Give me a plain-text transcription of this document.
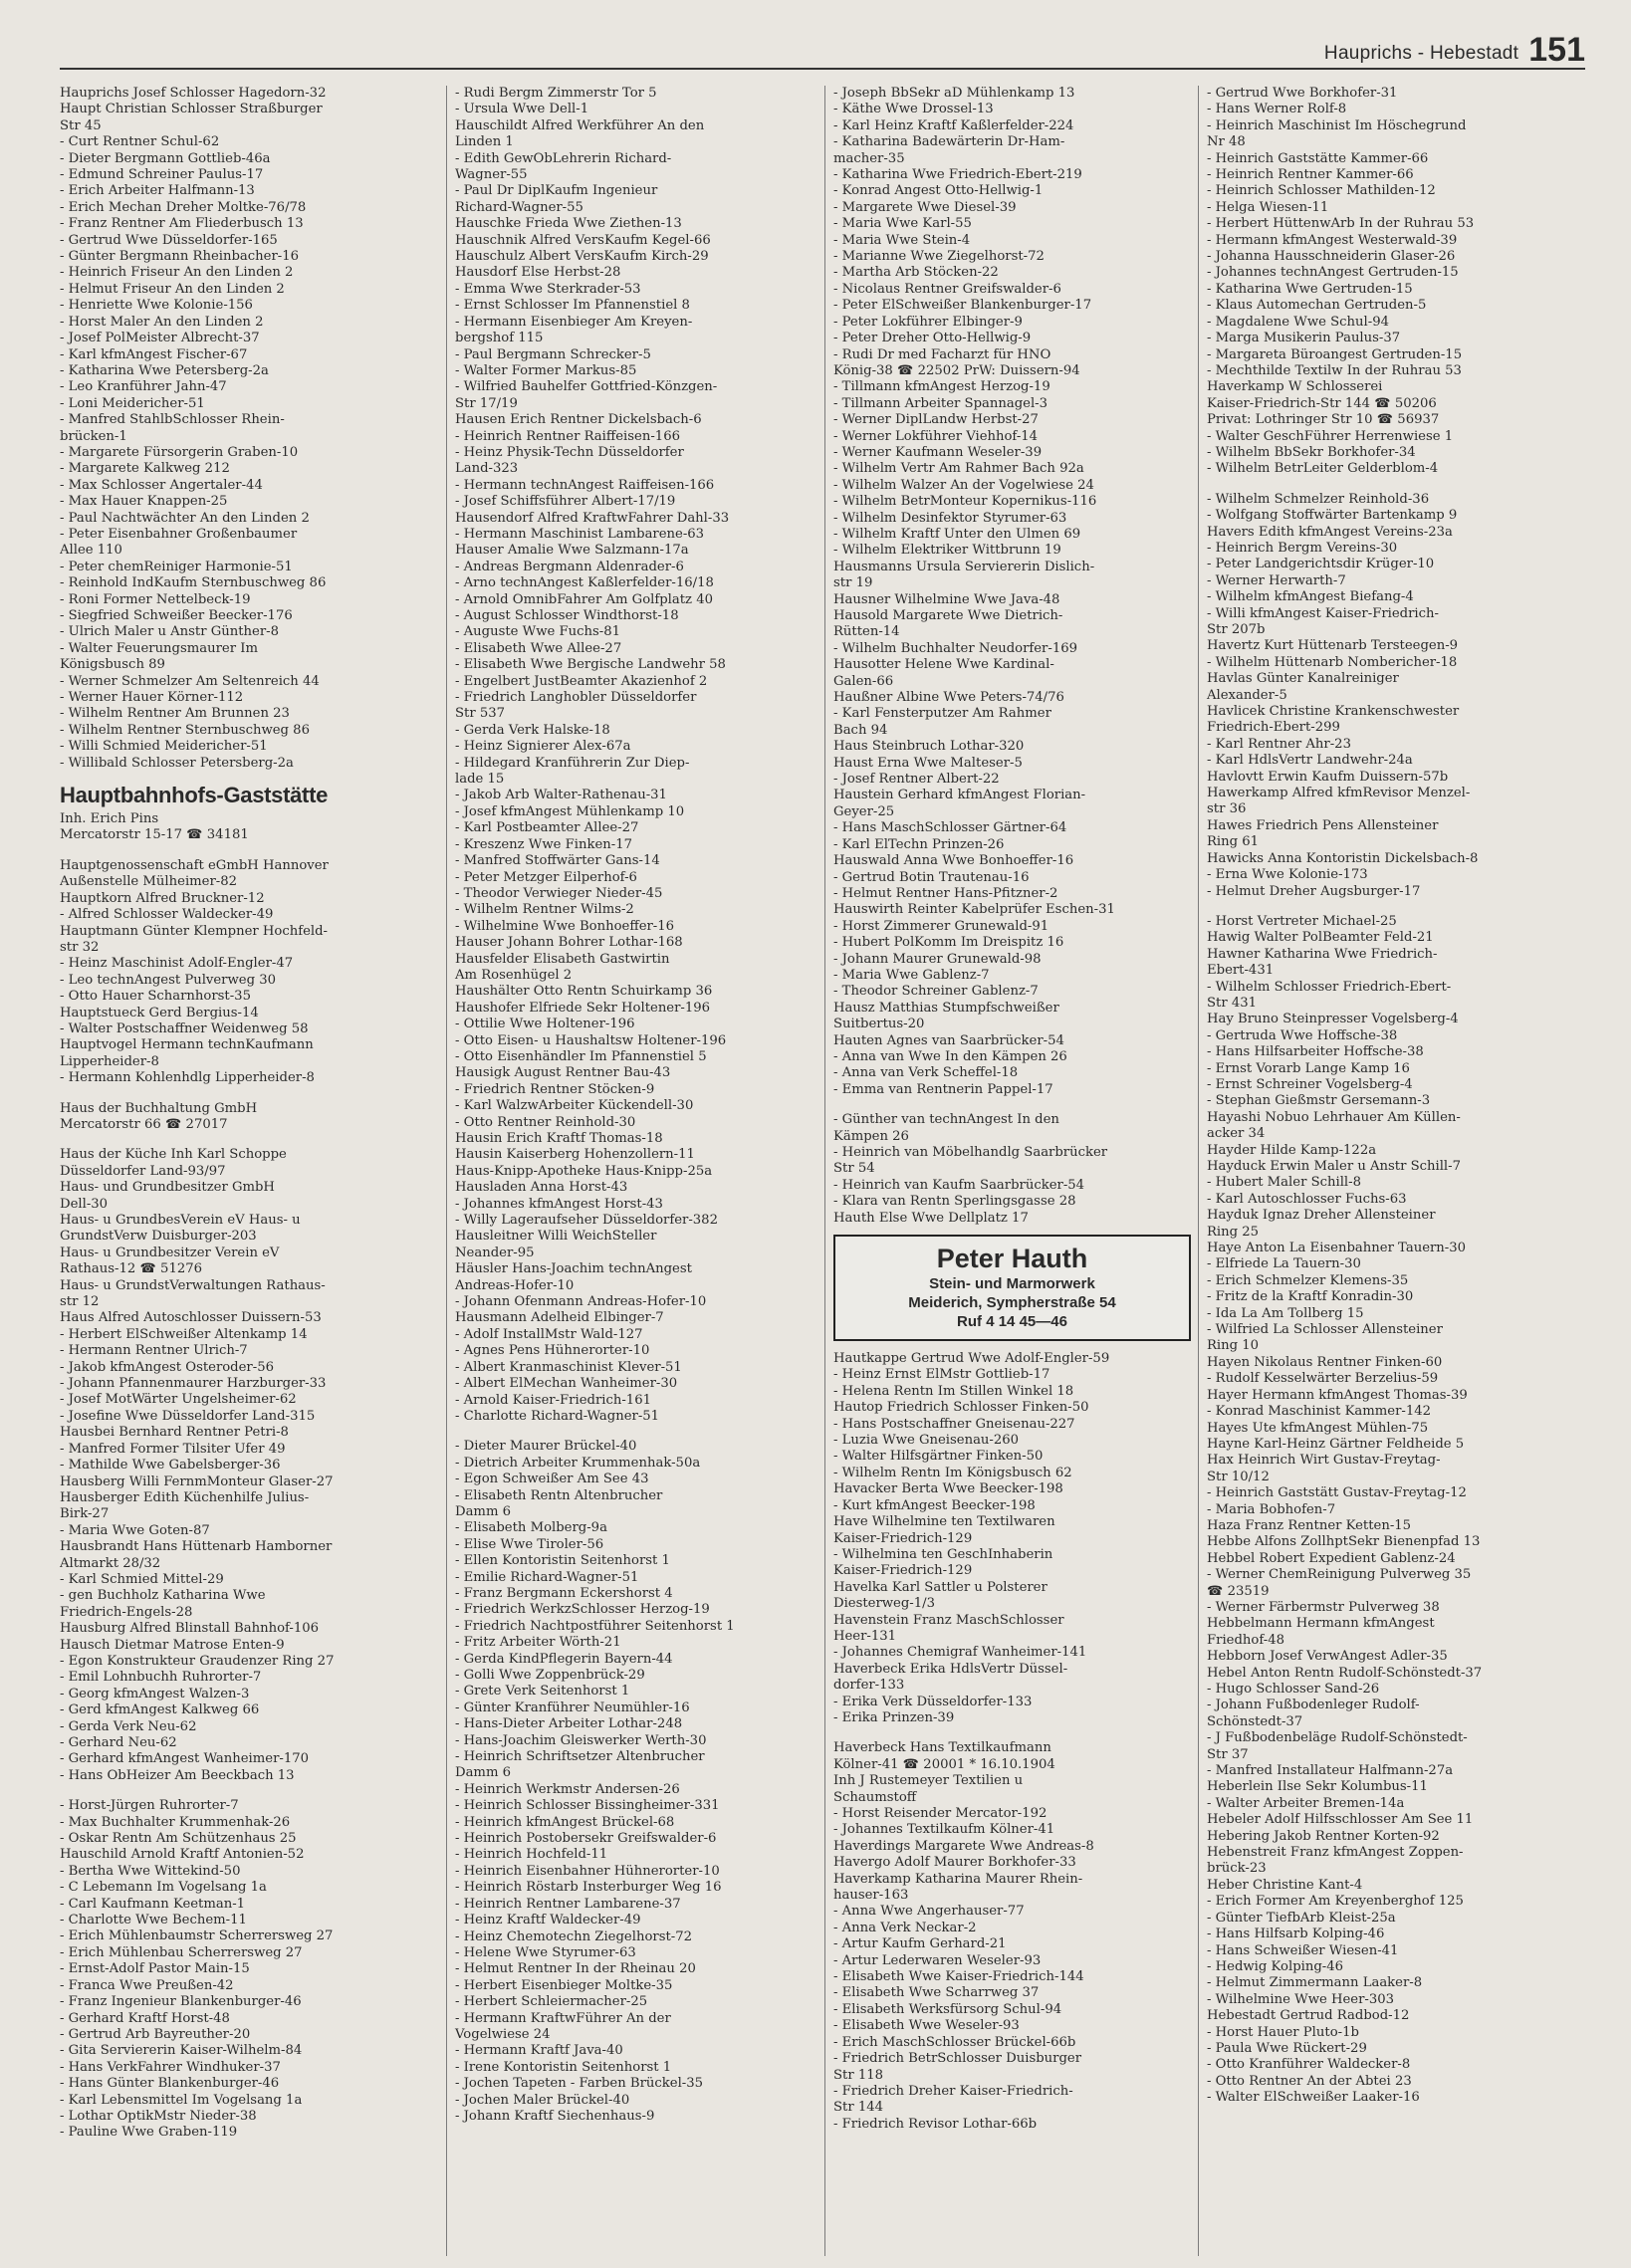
Hauprichs - Hebestadt 151
Hauprichs Josef Schlosser Hagedorn-32
Haupt Christian Schlosser Straßburger
Str 45
- Curt Rentner Schul-62
- Dieter Bergmann Gottlieb-46a
- Edmund Schreiner Paulus-17
- Erich Arbeiter Halfmann-13
- Erich Mechan Dreher Moltke-76/78
- Franz Rentner Am Fliederbusch 13
- Gertrud Wwe Düsseldorfer-165
- Günter Bergmann Rheinbacher-16
- Heinrich Friseur An den Linden 2
- Helmut Friseur An den Linden 2
- Henriette Wwe Kolonie-156
- Horst Maler An den Linden 2
- Josef PolMeister Albrecht-37
- Karl kfmAngest Fischer-67
- Katharina Wwe Petersberg-2a
- Leo Kranführer Jahn-47
- Loni Meidericher-51
- Manfred StahlbSchlosser Rhein-
brücken-1
- Margarete Fürsorgerin Graben-10
- Margarete Kalkweg 212
- Max Schlosser Angertaler-44
- Max Hauer Knappen-25
- Paul Nachtwächter An den Linden 2
- Peter Eisenbahner Großenbaumer
Allee 110
- Peter chemReiniger Harmonie-51
- Reinhold IndKaufm Sternbuschweg 86
- Roni Former Nettelbeck-19
- Siegfried Schweißer Beecker-176
- Ulrich Maler u Anstr Günther-8
- Walter Feuerungsmaurer Im
Königsbusch 89
- Werner Schmelzer Am Seltenreich 44
- Werner Hauer Körner-112
- Wilhelm Rentner Am Brunnen 23
- Wilhelm Rentner Sternbuschweg 86
- Willi Schmied Meidericher-51
- Willibald Schlosser Petersberg-2a
Hauptbahnhofs-Gaststätte
Inh. Erich Pins
Mercatorstr 15-17 ☎ 34181
Hauptgenossenschaft eGmbH Hannover
Außenstelle Mülheimer-82
Hauptkorn Alfred Bruckner-12
- Alfred Schlosser Waldecker-49
Hauptmann Günter Klempner Hochfeld-
str 32
- Heinz Maschinist Adolf-Engler-47
- Leo technAngest Pulverweg 30
- Otto Hauer Scharnhorst-35
Hauptstueck Gerd Bergius-14
- Walter Postschaffner Weidenweg 58
Hauptvogel Hermann technKaufmann
Lipperheider-8
- Hermann Kohlenhdlg Lipperheider-8
Haus der Buchhaltung GmbH
Mercatorstr 66 ☎ 27017
Haus der Küche Inh Karl Schoppe
Düsseldorfer Land-93/97
Haus- und Grundbesitzer GmbH
Dell-30
Haus- u GrundbesVerein eV Haus- u
GrundstVerw Duisburger-203
Haus- u Grundbesitzer Verein eV
Rathaus-12 ☎ 51276
Haus- u GrundstVerwaltungen Rathaus-
str 12
Haus Alfred Autoschlosser Duissern-53
- Herbert ElSchweißer Altenkamp 14
- Hermann Rentner Ulrich-7
- Jakob kfmAngest Osteroder-56
- Johann Pfannenmaurer Harzburger-33
- Josef MotWärter Ungelsheimer-62
- Josefine Wwe Düsseldorfer Land-315
Hausbei Bernhard Rentner Petri-8
- Manfred Former Tilsiter Ufer 49
- Mathilde Wwe Gabelsberger-36
Hausberg Willi FernmMonteur Glaser-27
Hausberger Edith Küchenhilfe Julius-
Birk-27
- Maria Wwe Goten-87
Hausbrandt Hans Hüttenarb Hamborner
Altmarkt 28/32
- Karl Schmied Mittel-29
- gen Buchholz Katharina Wwe
Friedrich-Engels-28
Hausburg Alfred Blinstall Bahnhof-106
Hausch Dietmar Matrose Enten-9
- Egon Konstrukteur Graudenzer Ring 27
- Emil Lohnbuchh Ruhrorter-7
- Georg kfmAngest Walzen-3
- Gerd kfmAngest Kalkweg 66
- Gerda Verk Neu-62
- Gerhard Neu-62
- Gerhard kfmAngest Wanheimer-170
- Hans ObHeizer Am Beeckbach 13
- Horst-Jürgen Ruhrorter-7
- Max Buchhalter Krummenhak-26
- Oskar Rentn Am Schützenhaus 25
Hauschild Arnold Kraftf Antonien-52
- Bertha Wwe Wittekind-50
- C Lebemann Im Vogelsang 1a
- Carl Kaufmann Keetman-1
- Charlotte Wwe Bechem-11
- Erich Mühlenbaumstr Scherrersweg 27
- Erich Mühlenbau Scherrersweg 27
- Ernst-Adolf Pastor Main-15
- Franca Wwe Preußen-42
- Franz Ingenieur Blankenburger-46
- Gerhard Kraftf Horst-48
- Gertrud Arb Bayreuther-20
- Gita Serviererin Kaiser-Wilhelm-84
- Hans VerkFahrer Windhuker-37
- Hans Günter Blankenburger-46
- Karl Lebensmittel Im Vogelsang 1a
- Lothar OptikMstr Nieder-38
- Pauline Wwe Graben-119
- Rudi Bergm Zimmerstr Tor 5
- Ursula Wwe Dell-1
Hauschildt Alfred Werkführer An den
Linden 1
- Edith GewObLehrerin Richard-
Wagner-55
- Paul Dr DiplKaufm Ingenieur
Richard-Wagner-55
Hauschke Frieda Wwe Ziethen-13
Hauschnik Alfred VersKaufm Kegel-66
Hauschulz Albert VersKaufm Kirch-29
Hausdorf Else Herbst-28
- Emma Wwe Sterkrader-53
- Ernst Schlosser Im Pfannenstiel 8
- Hermann Eisenbieger Am Kreyen-
bergshof 115
- Paul Bergmann Schrecker-5
- Walter Former Markus-85
- Wilfried Bauhelfer Gottfried-Könzgen-
Str 17/19
Hausen Erich Rentner Dickelsbach-6
- Heinrich Rentner Raiffeisen-166
- Heinz Physik-Techn Düsseldorfer
Land-323
- Hermann technAngest Raiffeisen-166
- Josef Schiffsführer Albert-17/19
Hausendorf Alfred KraftwFahrer Dahl-33
- Hermann Maschinist Lambarene-63
Hauser Amalie Wwe Salzmann-17a
- Andreas Bergmann Aldenrader-6
- Arno technAngest Kaßlerfelder-16/18
- Arnold OmnibFahrer Am Golfplatz 40
- August Schlosser Windthorst-18
- Auguste Wwe Fuchs-81
- Elisabeth Wwe Allee-27
- Elisabeth Wwe Bergische Landwehr 58
- Engelbert JustBeamter Akazienhof 2
- Friedrich Langhobler Düsseldorfer
Str 537
- Gerda Verk Halske-18
- Heinz Signierer Alex-67a
- Hildegard Kranführerin Zur Diep-
lade 15
- Jakob Arb Walter-Rathenau-31
- Josef kfmAngest Mühlenkamp 10
- Karl Postbeamter Allee-27
- Kreszenz Wwe Finken-17
- Manfred Stoffwärter Gans-14
- Peter Metzger Eilperhof-6
- Theodor Verwieger Nieder-45
- Wilhelm Rentner Wilms-2
- Wilhelmine Wwe Bonhoeffer-16
Hauser Johann Bohrer Lothar-168
Hausfelder Elisabeth Gastwirtin
Am Rosenhügel 2
Haushälter Otto Rentn Schuirkamp 36
Haushofer Elfriede Sekr Holtener-196
- Ottilie Wwe Holtener-196
- Otto Eisen- u Haushaltsw Holtener-196
- Otto Eisenhändler Im Pfannenstiel 5
Hausigk August Rentner Bau-43
- Friedrich Rentner Stöcken-9
- Karl WalzwArbeiter Kückendell-30
- Otto Rentner Reinhold-30
Hausin Erich Kraftf Thomas-18
Hausin Kaiserberg Hohenzollern-11
Haus-Knipp-Apotheke Haus-Knipp-25a
Hausladen Anna Horst-43
- Johannes kfmAngest Horst-43
- Willy Lageraufseher Düsseldorfer-382
Hausleitner Willi WeichSteller
Neander-95
Häusler Hans-Joachim technAngest
Andreas-Hofer-10
- Johann Ofenmann Andreas-Hofer-10
Hausmann Adelheid Elbinger-7
- Adolf InstallMstr Wald-127
- Agnes Pens Hühnerorter-10
- Albert Kranmaschinist Klever-51
- Albert ElMechan Wanheimer-30
- Arnold Kaiser-Friedrich-161
- Charlotte Richard-Wagner-51
- Dieter Maurer Brückel-40
- Dietrich Arbeiter Krummenhak-50a
- Egon Schweißer Am See 43
- Elisabeth Rentn Altenbrucher
Damm 6
- Elisabeth Molberg-9a
- Elise Wwe Tiroler-56
- Ellen Kontoristin Seitenhorst 1
- Emilie Richard-Wagner-51
- Franz Bergmann Eckershorst 4
- Friedrich WerkzSchlosser Herzog-19
- Friedrich Nachtpostführer Seitenhorst 1
- Fritz Arbeiter Wörth-21
- Gerda KindPflegerin Bayern-44
- Golli Wwe Zoppenbrück-29
- Grete Verk Seitenhorst 1
- Günter Kranführer Neumühler-16
- Hans-Dieter Arbeiter Lothar-248
- Hans-Joachim Gleiswerker Werth-30
- Heinrich Schriftsetzer Altenbrucher
Damm 6
- Heinrich Werkmstr Andersen-26
- Heinrich Schlosser Bissingheimer-331
- Heinrich kfmAngest Brückel-68
- Heinrich Postobersekr Greifswalder-6
- Heinrich Hochfeld-11
- Heinrich Eisenbahner Hühnerorter-10
- Heinrich Röstarb Insterburger Weg 16
- Heinrich Rentner Lambarene-37
- Heinz Kraftf Waldecker-49
- Heinz Chemotechn Ziegelhorst-72
- Helene Wwe Styrumer-63
- Helmut Rentner In der Rheinau 20
- Herbert Eisenbieger Moltke-35
- Herbert Schleiermacher-25
- Hermann KraftwFührer An der
Vogelwiese 24
- Hermann Kraftf Java-40
- Irene Kontoristin Seitenhorst 1
- Jochen Tapeten - Farben Brückel-35
- Jochen Maler Brückel-40
- Johann Kraftf Siechenhaus-9
- Joseph BbSekr aD Mühlenkamp 13
- Käthe Wwe Drossel-13
- Karl Heinz Kraftf Kaßlerfelder-224
- Katharina Badewärterin Dr-Ham-
macher-35
- Katharina Wwe Friedrich-Ebert-219
- Konrad Angest Otto-Hellwig-1
- Margarete Wwe Diesel-39
- Maria Wwe Karl-55
- Maria Wwe Stein-4
- Marianne Wwe Ziegelhorst-72
- Martha Arb Stöcken-22
- Nicolaus Rentner Greifswalder-6
- Peter ElSchweißer Blankenburger-17
- Peter Lokführer Elbinger-9
- Peter Dreher Otto-Hellwig-9
- Rudi Dr med Facharzt für HNO
König-38 ☎ 22502 PrW: Duissern-94
- Tillmann kfmAngest Herzog-19
- Tillmann Arbeiter Spannagel-3
- Werner DiplLandw Herbst-27
- Werner Lokführer Viehhof-14
- Werner Kaufmann Weseler-39
- Wilhelm Vertr Am Rahmer Bach 92a
- Wilhelm Walzer An der Vogelwiese 24
- Wilhelm BetrMonteur Kopernikus-116
- Wilhelm Desinfektor Styrumer-63
- Wilhelm Kraftf Unter den Ulmen 69
- Wilhelm Elektriker Wittbrunn 19
Hausmanns Ursula Serviererin Dislich-
str 19
Hausner Wilhelmine Wwe Java-48
Hausold Margarete Wwe Dietrich-
Rütten-14
- Wilhelm Buchhalter Neudorfer-169
Hausotter Helene Wwe Kardinal-
Galen-66
Haußner Albine Wwe Peters-74/76
- Karl Fensterputzer Am Rahmer
Bach 94
Haus Steinbruch Lothar-320
Haust Erna Wwe Malteser-5
- Josef Rentner Albert-22
Haustein Gerhard kfmAngest Florian-
Geyer-25
- Hans MaschSchlosser Gärtner-64
- Karl ElTechn Prinzen-26
Hauswald Anna Wwe Bonhoeffer-16
- Gertrud Botin Trautenau-16
- Helmut Rentner Hans-Pfitzner-2
Hauswirth Reinter Kabelprüfer Eschen-31
- Horst Zimmerer Grunewald-91
- Hubert PolKomm Im Dreispitz 16
- Johann Maurer Grunewald-98
- Maria Wwe Gablenz-7
- Theodor Schreiner Gablenz-7
Hausz Matthias Stumpfschweißer
Suitbertus-20
Hauten Agnes van Saarbrücker-54
- Anna van Wwe In den Kämpen 26
- Anna van Verk Scheffel-18
- Emma van Rentnerin Pappel-17
- Günther van technAngest In den
Kämpen 26
- Heinrich van Möbelhandlg Saarbrücker
Str 54
- Heinrich van Kaufm Saarbrücker-54
- Klara van Rentn Sperlingsgasse 28
Hauth Else Wwe Dellplatz 17
Peter Hauth
Stein- und Marmorwerk
Meiderich, Sympherstraße 54
Ruf 4 14 45—46
Hautkappe Gertrud Wwe Adolf-Engler-59
- Heinz Ernst ElMstr Gottlieb-17
- Helena Rentn Im Stillen Winkel 18
Hautop Friedrich Schlosser Finken-50
- Hans Postschaffner Gneisenau-227
- Luzia Wwe Gneisenau-260
- Walter Hilfsgärtner Finken-50
- Wilhelm Rentn Im Königsbusch 62
Havacker Berta Wwe Beecker-198
- Kurt kfmAngest Beecker-198
Have Wilhelmine ten Textilwaren
Kaiser-Friedrich-129
- Wilhelmina ten GeschInhaberin
Kaiser-Friedrich-129
Havelka Karl Sattler u Polsterer
Diesterweg-1/3
Havenstein Franz MaschSchlosser
Heer-131
- Johannes Chemigraf Wanheimer-141
Haverbeck Erika HdlsVertr Düssel-
dorfer-133
- Erika Verk Düsseldorfer-133
- Erika Prinzen-39
Haverbeck Hans Textilkaufmann
Kölner-41 ☎ 20001 * 16.10.1904
Inh J Rustemeyer Textilien u
Schaumstoff
- Horst Reisender Mercator-192
- Johannes Textilkaufm Kölner-41
Haverdings Margarete Wwe Andreas-8
Havergo Adolf Maurer Borkhofer-33
Haverkamp Katharina Maurer Rhein-
hauser-163
- Anna Wwe Angerhauser-77
- Anna Verk Neckar-2
- Artur Kaufm Gerhard-21
- Artur Lederwaren Weseler-93
- Elisabeth Wwe Kaiser-Friedrich-144
- Elisabeth Wwe Scharrweg 37
- Elisabeth Werksfürsorg Schul-94
- Elisabeth Wwe Weseler-93
- Erich MaschSchlosser Brückel-66b
- Friedrich BetrSchlosser Duisburger
Str 118
- Friedrich Dreher Kaiser-Friedrich-
Str 144
- Friedrich Revisor Lothar-66b
- Gertrud Wwe Borkhofer-31
- Hans Werner Rolf-8
- Heinrich Maschinist Im Höschegrund
Nr 48
- Heinrich Gaststätte Kammer-66
- Heinrich Rentner Kammer-66
- Heinrich Schlosser Mathilden-12
- Helga Wiesen-11
- Herbert HüttenwArb In der Ruhrau 53
- Hermann kfmAngest Westerwald-39
- Johanna Hausschneiderin Glaser-26
- Johannes technAngest Gertruden-15
- Katharina Wwe Gertruden-15
- Klaus Automechan Gertruden-5
- Magdalene Wwe Schul-94
- Marga Musikerin Paulus-37
- Margareta Büroangest Gertruden-15
- Mechthilde Textilw In der Ruhrau 53
Haverkamp W Schlosserei
Kaiser-Friedrich-Str 144 ☎ 50206
Privat: Lothringer Str 10 ☎ 56937
- Walter GeschFührer Herrenwiese 1
- Wilhelm BbSekr Borkhofer-34
- Wilhelm BetrLeiter Gelderblom-4
- Wilhelm Schmelzer Reinhold-36
- Wolfgang Stoffwärter Bartenkamp 9
Havers Edith kfmAngest Vereins-23a
- Heinrich Bergm Vereins-30
- Peter Landgerichtsdir Krüger-10
- Werner Herwarth-7
- Wilhelm kfmAngest Biefang-4
- Willi kfmAngest Kaiser-Friedrich-
Str 207b
Havertz Kurt Hüttenarb Tersteegen-9
- Wilhelm Hüttenarb Nombericher-18
Havlas Günter Kanalreiniger
Alexander-5
Havlicek Christine Krankenschwester
Friedrich-Ebert-299
- Karl Rentner Ahr-23
- Karl HdlsVertr Landwehr-24a
Havlovtt Erwin Kaufm Duissern-57b
Hawerkamp Alfred kfmRevisor Menzel-
str 36
Hawes Friedrich Pens Allensteiner
Ring 61
Hawicks Anna Kontoristin Dickelsbach-8
- Erna Wwe Kolonie-173
- Helmut Dreher Augsburger-17
- Horst Vertreter Michael-25
Hawig Walter PolBeamter Feld-21
Hawner Katharina Wwe Friedrich-
Ebert-431
- Wilhelm Schlosser Friedrich-Ebert-
Str 431
Hay Bruno Steinpresser Vogelsberg-4
- Gertruda Wwe Hoffsche-38
- Hans Hilfsarbeiter Hoffsche-38
- Ernst Vorarb Lange Kamp 16
- Ernst Schreiner Vogelsberg-4
- Stephan Gießmstr Gersemann-3
Hayashi Nobuo Lehrhauer Am Küllen-
acker 34
Hayder Hilde Kamp-122a
Hayduck Erwin Maler u Anstr Schill-7
- Hubert Maler Schill-8
- Karl Autoschlosser Fuchs-63
Hayduk Ignaz Dreher Allensteiner
Ring 25
Haye Anton La Eisenbahner Tauern-30
- Elfriede La Tauern-30
- Erich Schmelzer Klemens-35
- Fritz de la Kraftf Konradin-30
- Ida La Am Tollberg 15
- Wilfried La Schlosser Allensteiner
Ring 10
Hayen Nikolaus Rentner Finken-60
- Rudolf Kesselwärter Berzelius-59
Hayer Hermann kfmAngest Thomas-39
- Konrad Maschinist Kammer-142
Hayes Ute kfmAngest Mühlen-75
Hayne Karl-Heinz Gärtner Feldheide 5
Hax Heinrich Wirt Gustav-Freytag-
Str 10/12
- Heinrich Gaststätt Gustav-Freytag-12
- Maria Bobhofen-7
Haza Franz Rentner Ketten-15
Hebbe Alfons ZollhptSekr Bienenpfad 13
Hebbel Robert Expedient Gablenz-24
- Werner ChemReinigung Pulverweg 35
☎ 23519
- Werner Färbermstr Pulverweg 38
Hebbelmann Hermann kfmAngest
Friedhof-48
Hebborn Josef VerwAngest Adler-35
Hebel Anton Rentn Rudolf-Schönstedt-37
- Hugo Schlosser Sand-26
- Johann Fußbodenleger Rudolf-
Schönstedt-37
- J Fußbodenbeläge Rudolf-Schönstedt-
Str 37
- Manfred Installateur Halfmann-27a
Heberlein Ilse Sekr Kolumbus-11
- Walter Arbeiter Bremen-14a
Hebeler Adolf Hilfsschlosser Am See 11
Hebering Jakob Rentner Korten-92
Hebenstreit Franz kfmAngest Zoppen-
brück-23
Heber Christine Kant-4
- Erich Former Am Kreyenberghof 125
- Günter TiefbArb Kleist-25a
- Hans Hilfsarb Kolping-46
- Hans Schweißer Wiesen-41
- Hedwig Kolping-46
- Helmut Zimmermann Laaker-8
- Wilhelmine Wwe Heer-303
Hebestadt Gertrud Radbod-12
- Horst Hauer Pluto-1b
- Paula Wwe Rückert-29
- Otto Kranführer Waldecker-8
- Otto Rentner An der Abtei 23
- Walter ElSchweißer Laaker-16
